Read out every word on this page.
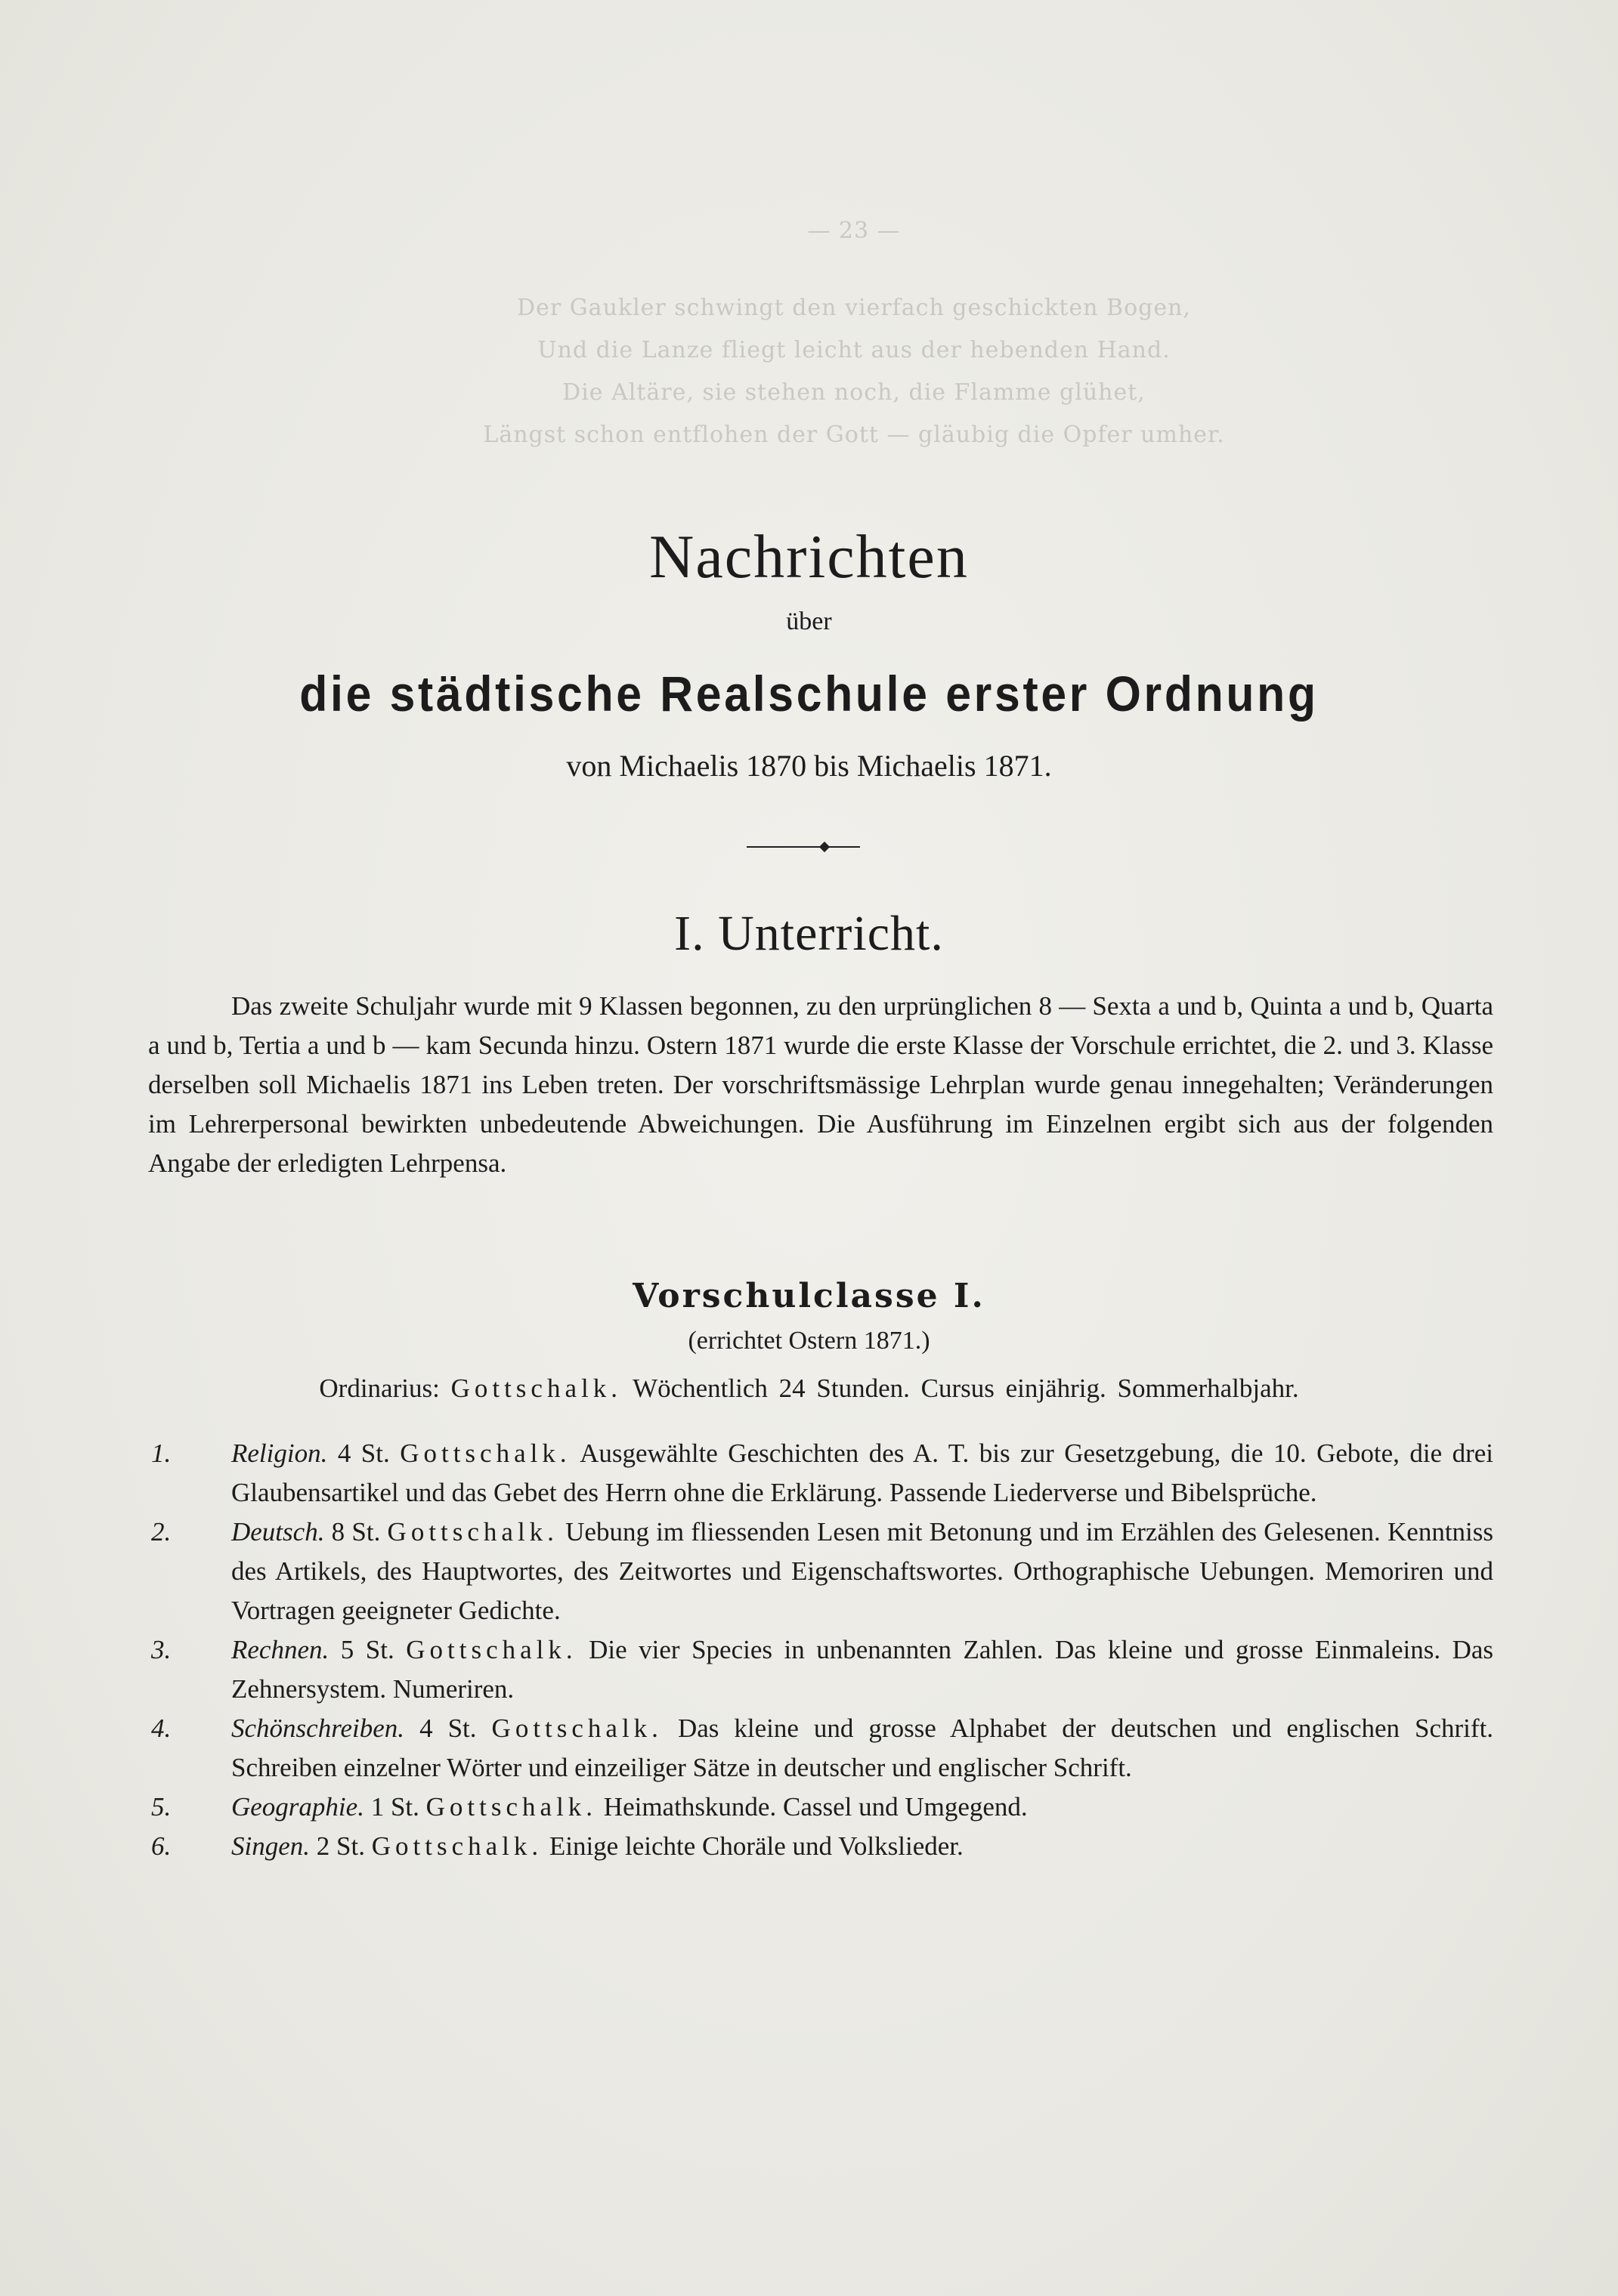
— 23 —
Der Gaukler schwingt den vierfach geschickten Bogen,
Und die Lanze fliegt leicht aus der hebenden Hand.
Die Altäre, sie stehen noch, die Flamme glühet,
Längst schon entflohen der Gott — gläubig die Opfer umher.
Nachrichten
über
die städtische Realschule erster Ordnung
von Michaelis 1870 bis Michaelis 1871.
I. Unterricht.
Das zweite Schuljahr wurde mit 9 Klassen begonnen, zu den urprünglichen 8 — Sexta a und b, Quinta a und b, Quarta a und b, Tertia a und b — kam Secunda hinzu. Ostern 1871 wurde die erste Klasse der Vorschule errichtet, die 2. und 3. Klasse derselben soll Michaelis 1871 ins Leben treten. Der vorschriftsmässige Lehrplan wurde genau innegehalten; Veränderungen im Lehrerpersonal bewirkten unbedeutende Abweichungen. Die Ausführung im Einzelnen ergibt sich aus der folgenden Angabe der erledigten Lehrpensa.
Vorschulclasse I.
(errichtet Ostern 1871.)
Ordinarius: Gottschalk. Wöchentlich 24 Stunden. Cursus einjährig. Sommerhalbjahr.
1. Religion. 4 St. Gottschalk. Ausgewählte Geschichten des A. T. bis zur Gesetzgebung, die 10. Gebote, die drei Glaubensartikel und das Gebet des Herrn ohne die Erklärung. Passende Liederverse und Bibelsprüche.
2. Deutsch. 8 St. Gottschalk. Uebung im fliessenden Lesen mit Betonung und im Erzählen des Gelesenen. Kenntniss des Artikels, des Hauptwortes, des Zeitwortes und Eigenschaftswortes. Orthographische Uebungen. Memoriren und Vortragen geeigneter Gedichte.
3. Rechnen. 5 St. Gottschalk. Die vier Species in unbenannten Zahlen. Das kleine und grosse Einmaleins. Das Zehnersystem. Numeriren.
4. Schönschreiben. 4 St. Gottschalk. Das kleine und grosse Alphabet der deutschen und englischen Schrift. Schreiben einzelner Wörter und einzeiliger Sätze in deutscher und englischer Schrift.
5. Geographie. 1 St. Gottschalk. Heimathskunde. Cassel und Umgegend.
6. Singen. 2 St. Gottschalk. Einige leichte Choräle und Volkslieder.
